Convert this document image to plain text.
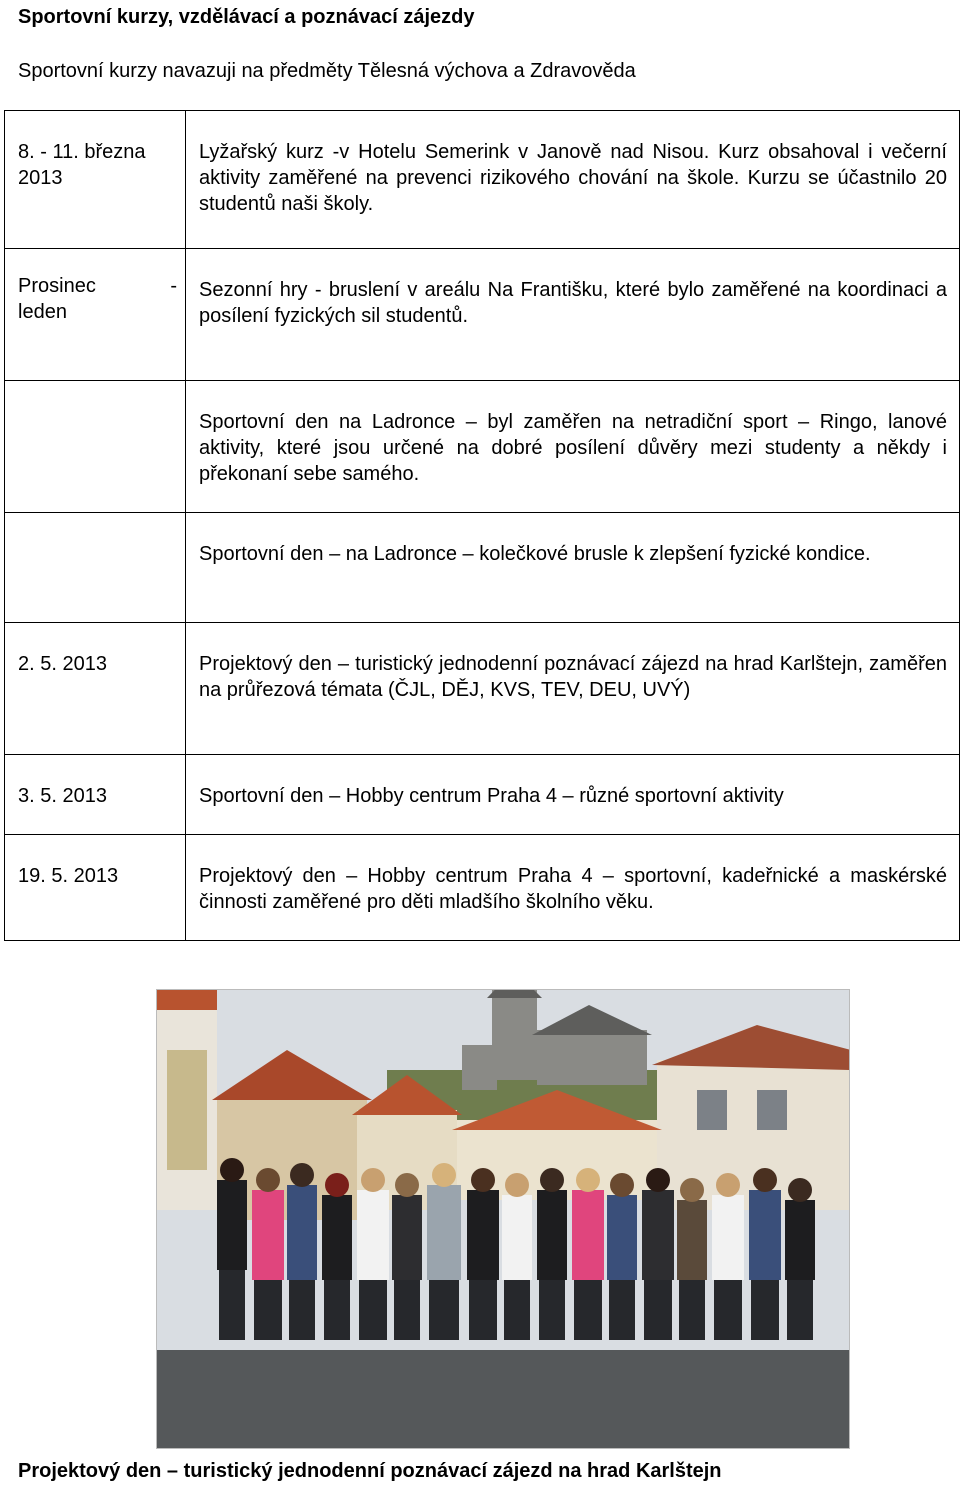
Sportovní kurzy, vzdělávací a poznávací zájezdy
Sportovní kurzy navazuji na předměty Tělesná výchova a Zdravověda
8. - 11. března 2013	Lyžařský kurz -v Hotelu Semerink v Janově nad Nisou. Kurz obsahoval i večerní aktivity zaměřené na prevenci rizikového chování na škole. Kurzu se účastnilo 20 studentů naši školy.

Prosinec -
leden	Sezonní hry - bruslení v areálu Na Františku, které bylo zaměřené na koordinaci a posílení fyzických sil studentů.
	Sportovní den na Ladronce – byl zaměřen na netradiční sport – Ringo, lanové aktivity, které jsou určené na dobré posílení důvěry mezi studenty a někdy i překonaní sebe samého.
	Sportovní den – na Ladronce – kolečkové brusle k zlepšení fyzické kondice.
2. 5. 2013	Projektový den – turistický jednodenní poznávací zájezd na hrad Karlštejn, zaměřen na průřezová témata (ČJL, DĚJ, KVS, TEV, DEU, UVÝ)
3. 5. 2013	Sportovní den – Hobby centrum Praha 4 – různé sportovní aktivity
19. 5. 2013	Projektový den – Hobby centrum Praha 4 – sportovní, kadeřnické a maskérské činnosti zaměřené pro děti mladšího školního věku.
Projektový den – turistický jednodenní poznávací zájezd na hrad Karlštejn
